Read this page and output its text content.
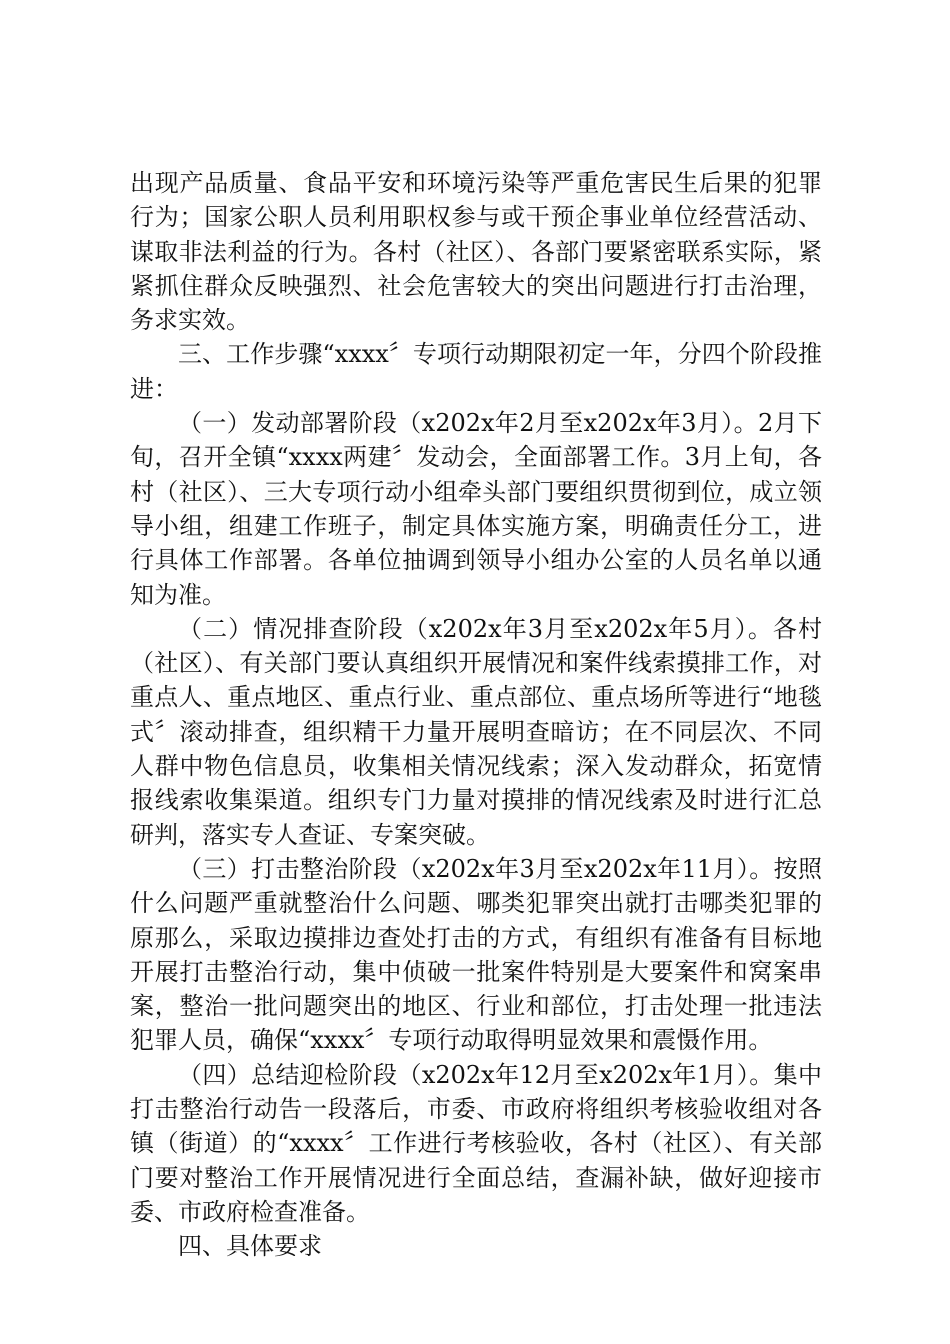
出现产品质量、食品平安和环境污染等严重危害民生后果的犯罪行为；国家公职人员利用职权参与或干预企事业单位经营活动、谋取非法利益的行为。各村（社区）、各部门要紧密联系实际，紧紧抓住群众反映强烈、社会危害较大的突出问题进行打击治理，务求实效。

三、工作步骤“xxxx〞专项行动期限初定一年，分四个阶段推进：

（一）发动部署阶段（x202x年2月至x202x年3月）。2月下旬，召开全镇“xxxx两建〞发动会，全面部署工作。3月上旬，各村（社区）、三大专项行动小组牵头部门要组织贯彻到位，成立领导小组，组建工作班子，制定具体实施方案，明确责任分工，进行具体工作部署。各单位抽调到领导小组办公室的人员名单以通知为准。

（二）情况排查阶段（x202x年3月至x202x年5月）。各村（社区）、有关部门要认真组织开展情况和案件线索摸排工作，对重点人、重点地区、重点行业、重点部位、重点场所等进行“地毯式〞滚动排查，组织精干力量开展明查暗访；在不同层次、不同人群中物色信息员，收集相关情况线索；深入发动群众，拓宽情报线索收集渠道。组织专门力量对摸排的情况线索及时进行汇总研判，落实专人查证、专案突破。

（三）打击整治阶段（x202x年3月至x202x年11月）。按照什么问题严重就整治什么问题、哪类犯罪突出就打击哪类犯罪的原那么，采取边摸排边查处打击的方式，有组织有准备有目标地开展打击整治行动，集中侦破一批案件特别是大要案件和窝案串案，整治一批问题突出的地区、行业和部位，打击处理一批违法犯罪人员，确保“xxxx〞专项行动取得明显效果和震慑作用。

（四）总结迎检阶段（x202x年12月至x202x年1月）。集中打击整治行动告一段落后，市委、市政府将组织考核验收组对各镇（街道）的“xxxx〞工作进行考核验收，各村（社区）、有关部门要对整治工作开展情况进行全面总结，查漏补缺，做好迎接市委、市政府检查准备。

四、具体要求
